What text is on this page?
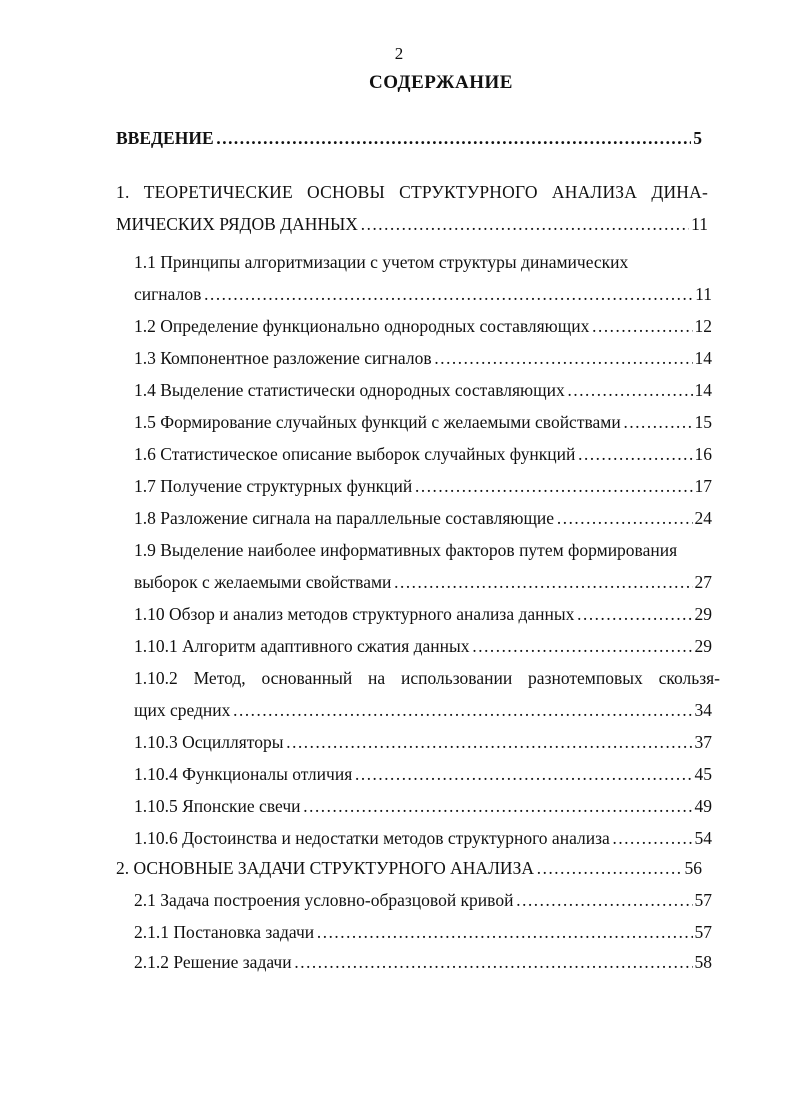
2
СОДЕРЖАНИЕ
ВВЕДЕНИЕ ……………………………………………………………………………………………………………………………………………………………………	5
1. ТЕОРЕТИЧЕСКИЕ ОСНОВЫ СТРУКТУРНОГО АНАЛИЗА ДИНА-
МИЧЕСКИХ РЯДОВ ДАННЫХ ……………………………………………………………………………………………………………………………………………………………………	11
1.1 Принципы алгоритмизации с учетом структуры динамических
сигналов ……………………………………………………………………………………………………………………………………………………………………	11
1.2 Определение функционально однородных составляющих ……………………………………………………………………………………………………………………………………………………………………	12
1.3 Компонентное разложение сигналов ……………………………………………………………………………………………………………………………………………………………………	14
1.4 Выделение статистически однородных составляющих ……………………………………………………………………………………………………………………………………………………………………	14
1.5 Формирование случайных функций с желаемыми свойствами ……………………………………………………………………………………………………………………………………………………………………	15
1.6 Статистическое описание выборок случайных функций ……………………………………………………………………………………………………………………………………………………………………	16
1.7 Получение структурных функций ……………………………………………………………………………………………………………………………………………………………………	17
1.8 Разложение сигнала на параллельные составляющие ……………………………………………………………………………………………………………………………………………………………………	24
1.9 Выделение наиболее информативных факторов путем формирования
выборок с желаемыми свойствами ……………………………………………………………………………………………………………………………………………………………………	27
1.10 Обзор и анализ методов структурного анализа данных ……………………………………………………………………………………………………………………………………………………………………	29
1.10.1 Алгоритм адаптивного сжатия данных ……………………………………………………………………………………………………………………………………………………………………	29
1.10.2 Метод, основанный на использовании разнотемповых скользя-
щих средних ……………………………………………………………………………………………………………………………………………………………………	34
1.10.3 Осцилляторы ……………………………………………………………………………………………………………………………………………………………………	37
1.10.4 Функционалы отличия ……………………………………………………………………………………………………………………………………………………………………	45
1.10.5 Японские свечи ……………………………………………………………………………………………………………………………………………………………………	49
1.10.6 Достоинства и недостатки методов структурного анализа ……………………………………………………………………………………………………………………………………………………………………	54
2. ОСНОВНЫЕ ЗАДАЧИ СТРУКТУРНОГО АНАЛИЗА ……………………………………………………………………………………………………………………………………………………………………	56
2.1 Задача построения условно-образцовой кривой ……………………………………………………………………………………………………………………………………………………………………	57
2.1.1 Постановка задачи ……………………………………………………………………………………………………………………………………………………………………	57
2.1.2 Решение задачи ……………………………………………………………………………………………………………………………………………………………………	58
